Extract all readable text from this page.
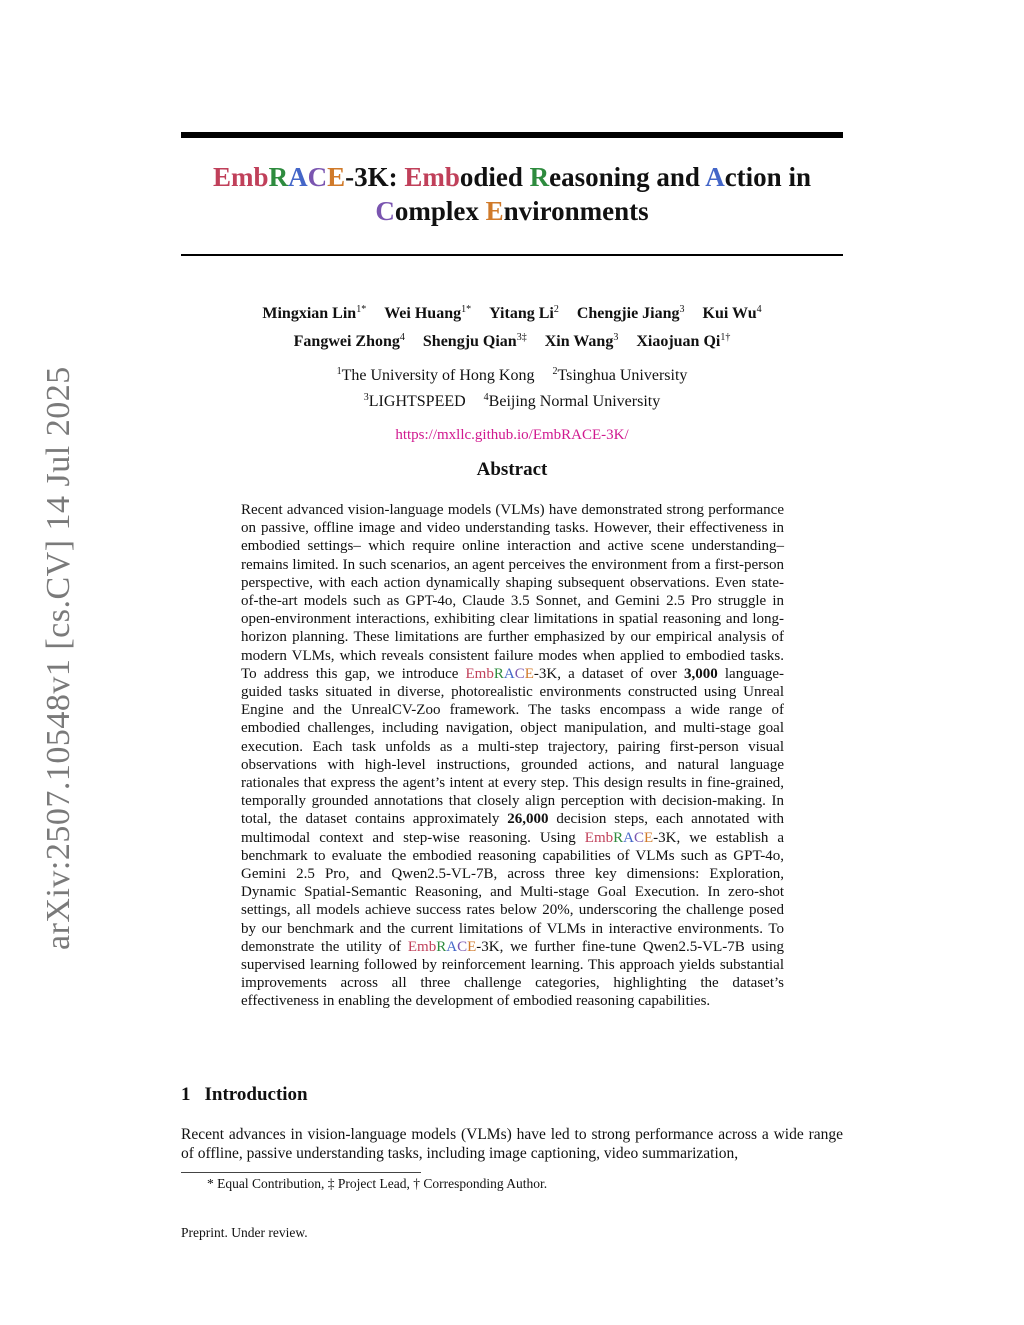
arXiv:2507.10548v1 [cs.CV] 14 Jul 2025
EmbRACE-3K: Embodied Reasoning and Action in
Complex Environments
Mingxian Lin$^{1*}$ Wei Huang$^{1*}$ Yitang Li$^2$ Chengjie Jiang$^3$ Kui Wu$^4$
Fangwei Zhong$^4$ Shengju Qian$^{3\ddagger}$ Xin Wang$^3$ Xiaojuan $Qi^{1\dagger}$
$^1$The University of Hong Kong $^2$Tsinghua University
$^3$LIGHTSPEED $^4$Beijing Normal University
https://mxllc.github.io/EmbRACE-3K/
Abstract
Recent advanced vision-language models (VLMs) have demonstrated strong performance on passive, offline image and video understanding tasks. However, their effectiveness in embodied settings– which require online interaction and active scene understanding– remains limited. In such scenarios, an agent perceives the environment from a first-person perspective, with each action dynamically shaping subsequent observations. Even state-of-the-art models such as GPT-4o, Claude 3.5 Sonnet, and Gemini 2.5 Pro struggle in open-environment interactions, exhibiting clear limitations in spatial reasoning and long-horizon planning. These limitations are further emphasized by our empirical analysis of modern VLMs, which reveals consistent failure modes when applied to embodied tasks. To address this gap, we introduce EmbRACE-3K, a dataset of over 3,000 language-guided tasks situated in diverse, photorealistic environments constructed using Unreal Engine and the UnrealCV-Zoo framework. The tasks encompass a wide range of embodied challenges, including navigation, object manipulation, and multi-stage goal execution. Each task unfolds as a multi-step trajectory, pairing first-person visual observations with high-level instructions, grounded actions, and natural language rationales that express the agent’s intent at every step. This design results in fine-grained, temporally grounded annotations that closely align perception with decision-making. In total, the dataset contains approximately 26,000 decision steps, each annotated with multimodal context and step-wise reasoning. Using EmbRACE-3K, we establish a benchmark to evaluate the embodied reasoning capabilities of VLMs such as GPT-4o, Gemini 2.5 Pro, and Qwen2.5-VL-7B, across three key dimensions: Exploration, Dynamic Spatial-Semantic Reasoning, and Multi-stage Goal Execution. In zero-shot settings, all models achieve success rates below 20%, underscoring the challenge posed by our benchmark and the current limitations of VLMs in interactive environments. To demonstrate the utility of EmbRACE-3K, we further fine-tune Qwen2.5-VL-7B using supervised learning followed by reinforcement learning. This approach yields substantial improvements across all three challenge categories, highlighting the dataset’s effectiveness in enabling the development of embodied reasoning capabilities.
1 Introduction
Recent advances in vision-language models (VLMs) have led to strong performance across a wide range of offline, passive understanding tasks, including image captioning, video summarization,
* Equal Contribution, ‡ Project Lead, † Corresponding Author.
Preprint. Under review.
